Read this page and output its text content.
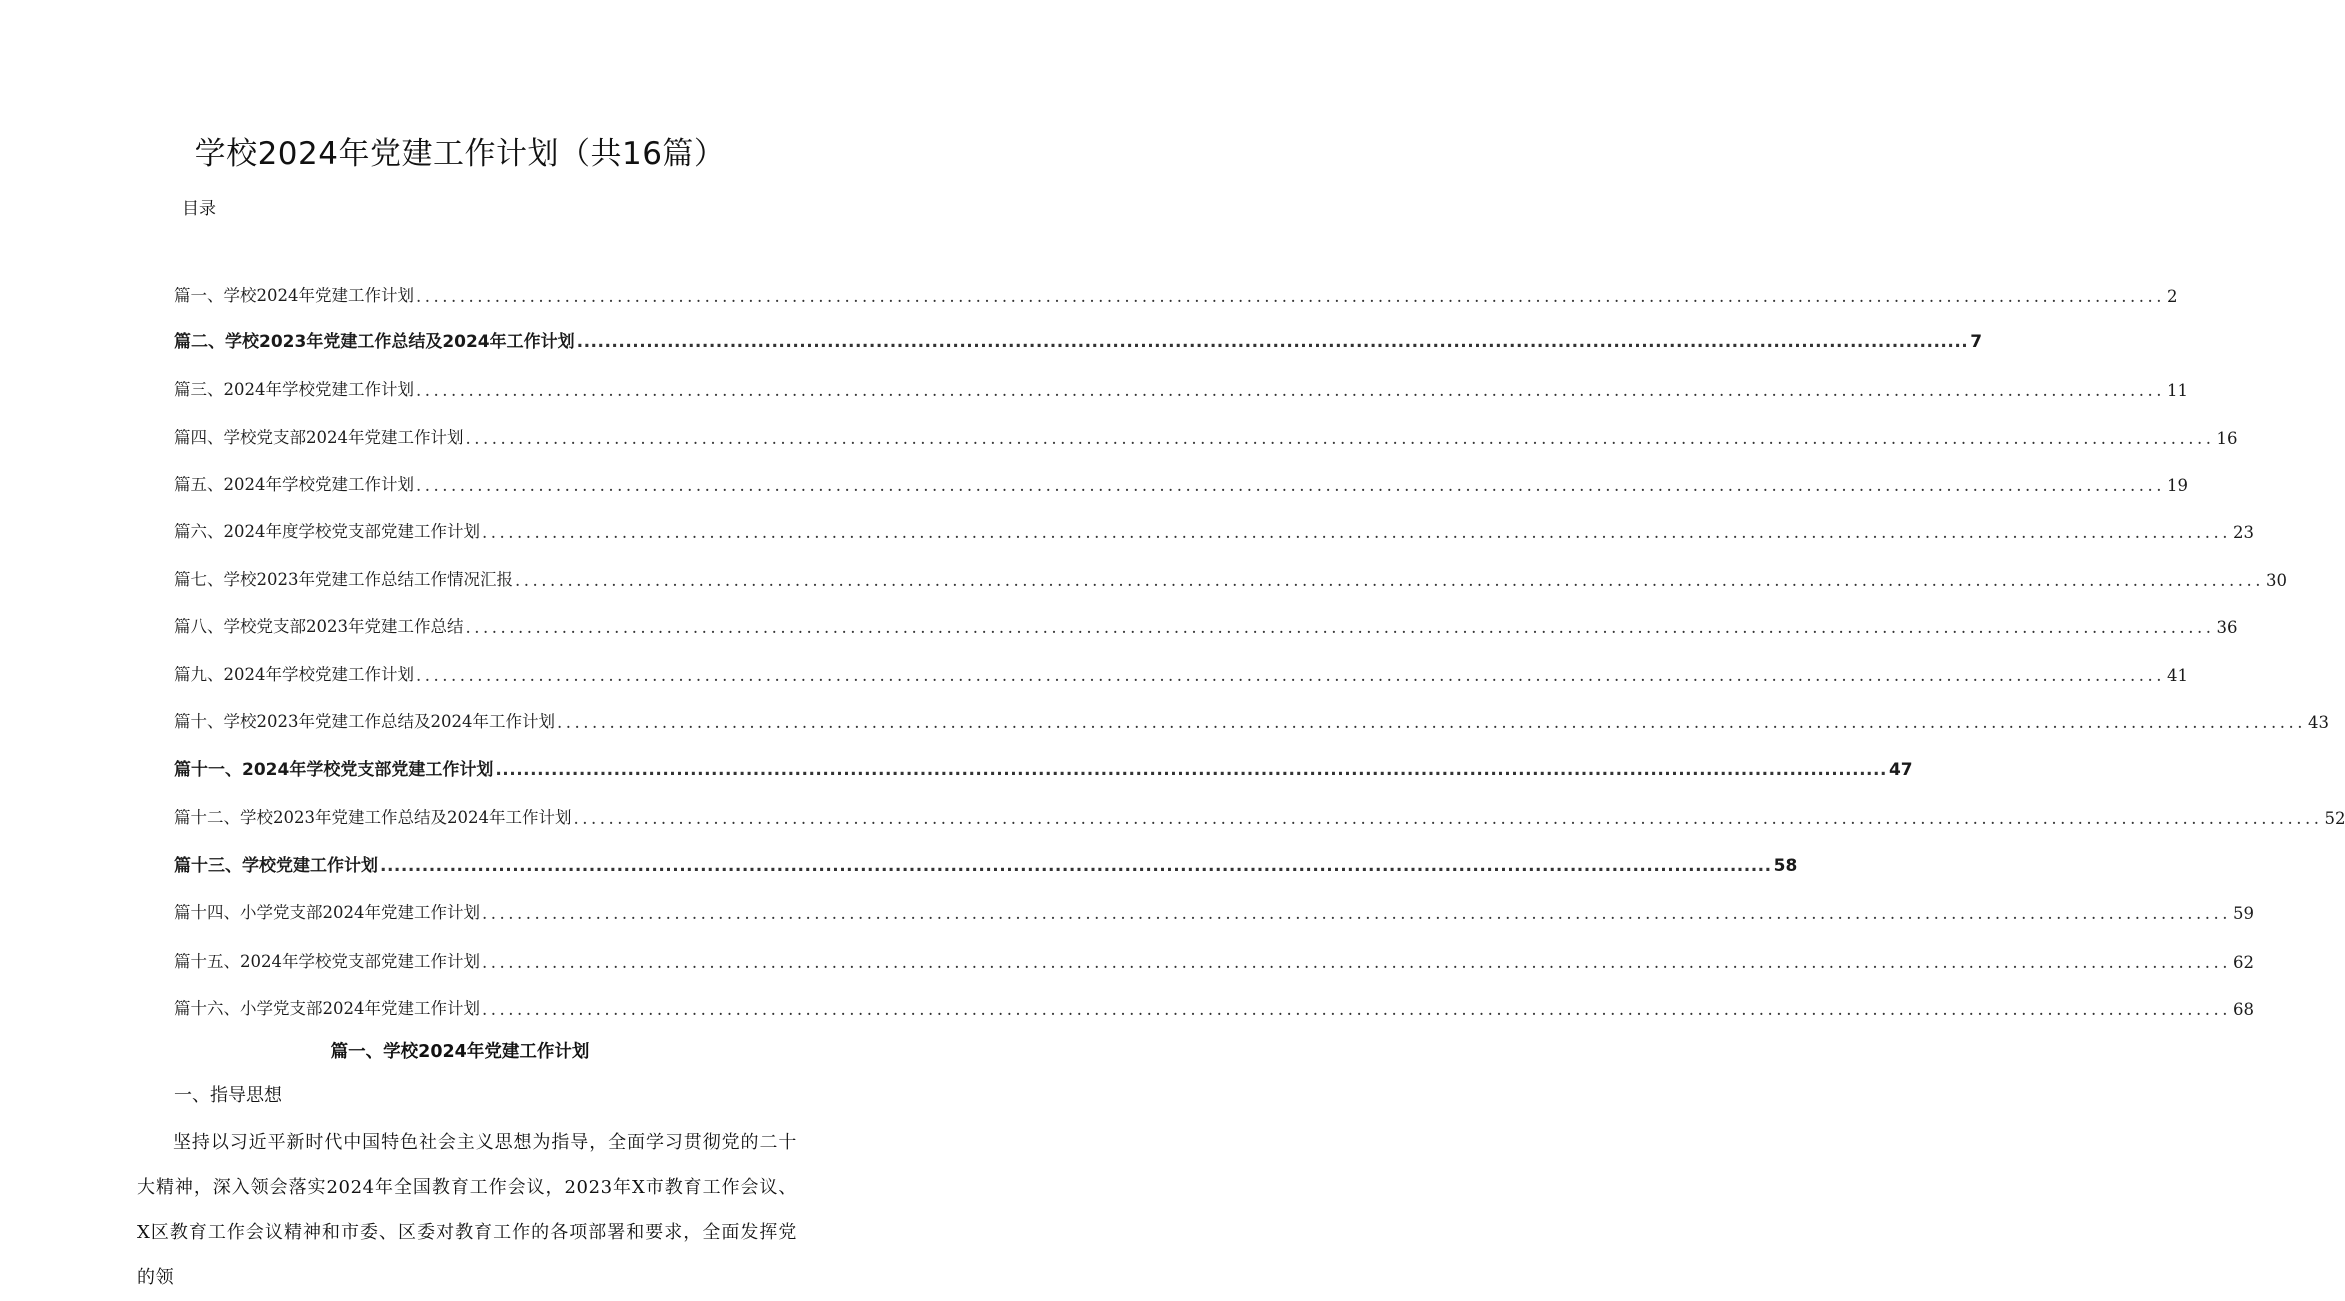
学校2024年党建工作计划（共16篇）
目录
篇一、学校2024年党建工作计划 ........................................................................................................................................................................................................ 2
篇二、学校2023年党建工作总结及2024年工作计划 ........................................................................................................................................................................................................ 7
篇三、2024年学校党建工作计划 ........................................................................................................................................................................................................ 11
篇四、学校党支部2024年党建工作计划 ........................................................................................................................................................................................................ 16
篇五、2024年学校党建工作计划 ........................................................................................................................................................................................................ 19
篇六、2024年度学校党支部党建工作计划 ........................................................................................................................................................................................................ 23
篇七、学校2023年党建工作总结工作情况汇报 ........................................................................................................................................................................................................ 30
篇八、学校党支部2023年党建工作总结 ........................................................................................................................................................................................................ 36
篇九、2024年学校党建工作计划 ........................................................................................................................................................................................................ 41
篇十、学校2023年党建工作总结及2024年工作计划 ........................................................................................................................................................................................................ 43
篇十一、2024年学校党支部党建工作计划 ........................................................................................................................................................................................................ 47
篇十二、学校2023年党建工作总结及2024年工作计划 ........................................................................................................................................................................................................ 52
篇十三、学校党建工作计划 ........................................................................................................................................................................................................ 58
篇十四、小学党支部2024年党建工作计划 ........................................................................................................................................................................................................ 59
篇十五、2024年学校党支部党建工作计划 ........................................................................................................................................................................................................ 62
篇十六、小学党支部2024年党建工作计划 ........................................................................................................................................................................................................ 68
篇一、学校2024年党建工作计划
一、指导思想
坚持以习近平新时代中国特色社会主义思想为指导，全面学习贯彻党的二十大精神，深入领会落实2024年全国教育工作会议，2023年X市教育工作会议、X区教育工作会议精神和市委、区委对教育工作的各项部署和要求，全面发挥党的领
